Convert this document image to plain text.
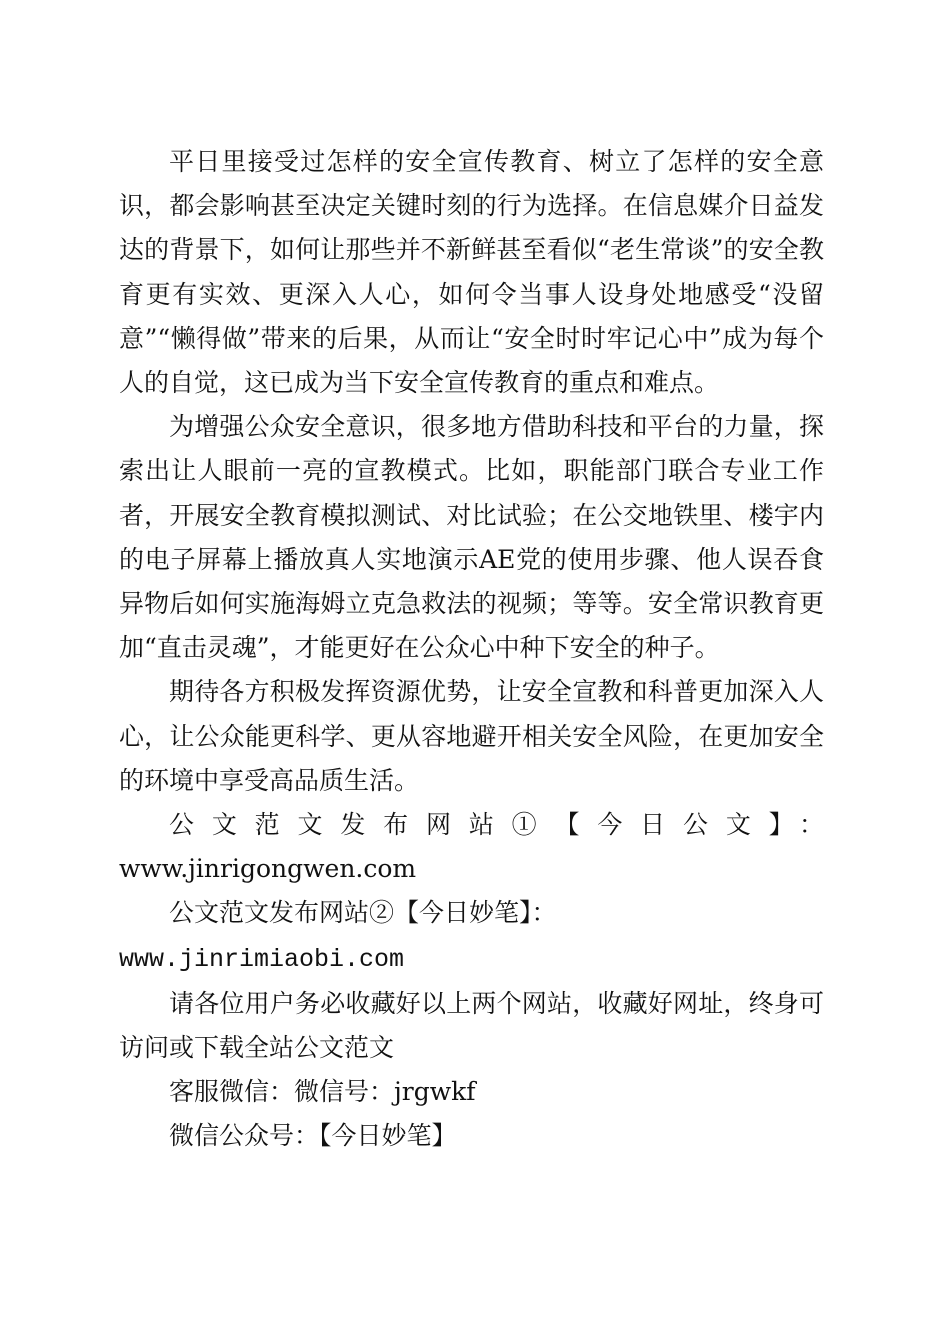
平日里接受过怎样的安全宣传教育、树立了怎样的安全意识，都会影响甚至决定关键时刻的行为选择。在信息媒介日益发达的背景下，如何让那些并不新鲜甚至看似“老生常谈”的安全教育更有实效、更深入人心，如何令当事人设身处地感受“没留意”“懒得做”带来的后果，从而让“安全时时牢记心中”成为每个人的自觉，这已成为当下安全宣传教育的重点和难点。

为增强公众安全意识，很多地方借助科技和平台的力量，探索出让人眼前一亮的宣教模式。比如，职能部门联合专业工作者，开展安全教育模拟测试、对比试验；在公交地铁里、楼宇内的电子屏幕上播放真人实地演示AE党的使用步骤、他人误吞食异物后如何实施海姆立克急救法的视频；等等。安全常识教育更加“直击灵魂”，才能更好在公众心中种下安全的种子。

期待各方积极发挥资源优势，让安全宣教和科普更加深入人心，让公众能更科学、更从容地避开相关安全风险，在更加安全的环境中享受高品质生活。

公文范文发布网站①【今日公文】：

www.jinrigongwen.com

公文范文发布网站②【今日妙笔】：www.jinrimiaobi.com

请各位用户务必收藏好以上两个网站，收藏好网址，终身可访问或下载全站公文范文

客服微信：微信号：jrgwkf

微信公众号：【今日妙笔】
